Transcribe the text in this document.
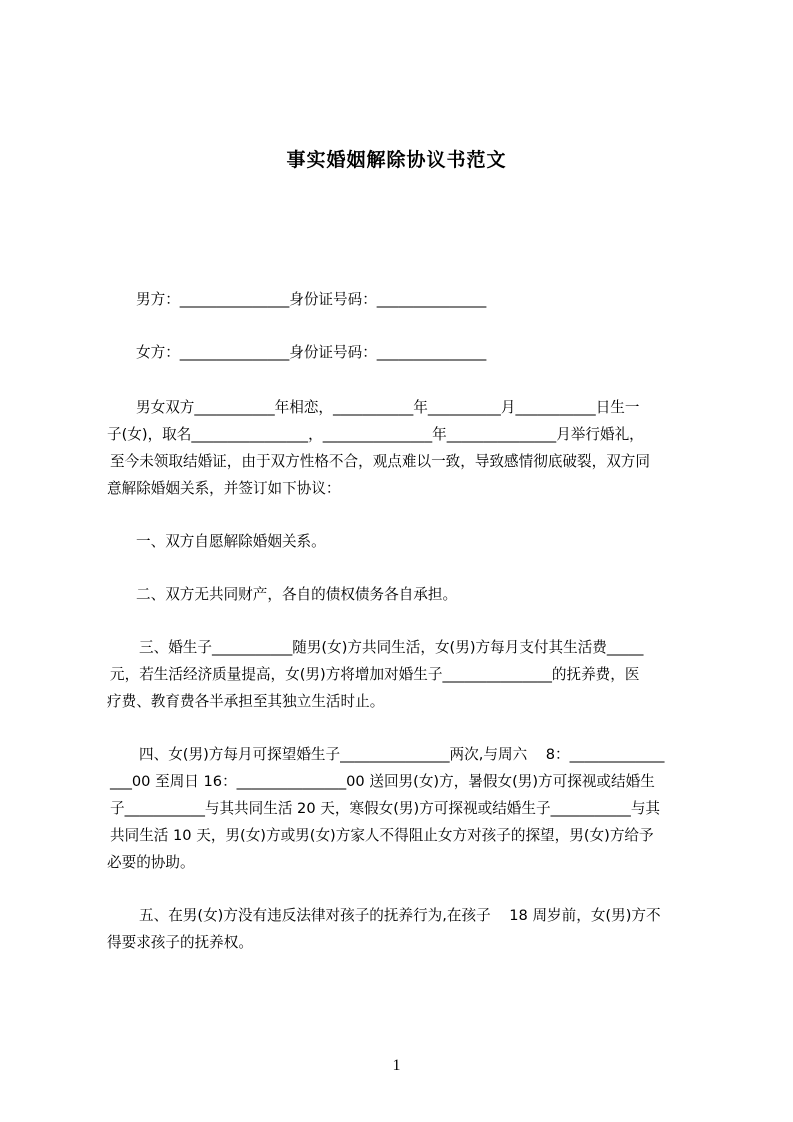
事实婚姻解除协议书范文
男方：_______________身份证号码：_______________
女方：_______________身份证号码：_______________
男女双方___________年相恋，___________年__________月___________日生一
子(女)，取名________________，_______________年_______________月举行婚礼，
至今未领取结婚证，由于双方性格不合，观点难以一致，导致感情彻底破裂，双方同
意解除婚姻关系，并签订如下协议：
一、双方自愿解除婚姻关系。
二、双方无共同财产，各自的债权债务各自承担。
三、婚生子___________随男(女)方共同生活，女(男)方每月支付其生活费_____
元，若生活经济质量提高，女(男)方将增加对婚生子_______________的抚养费，医
疗费、教育费各半承担至其独立生活时止。
四、女(男)方每月可探望婚生子_______________两次,与周六    8：_____________
___00 至周日 16：_______________00 送回男(女)方，暑假女(男)方可探视或结婚生
子___________与其共同生活 20 天，寒假女(男)方可探视或结婚生子___________与其
共同生活 10 天，男(女)方或男(女)方家人不得阻止女方对孩子的探望，男(女)方给予
必要的协助。
五、在男(女)方没有违反法律对孩子的抚养行为,在孩子    18 周岁前，女(男)方不
得要求孩子的抚养权。
1
